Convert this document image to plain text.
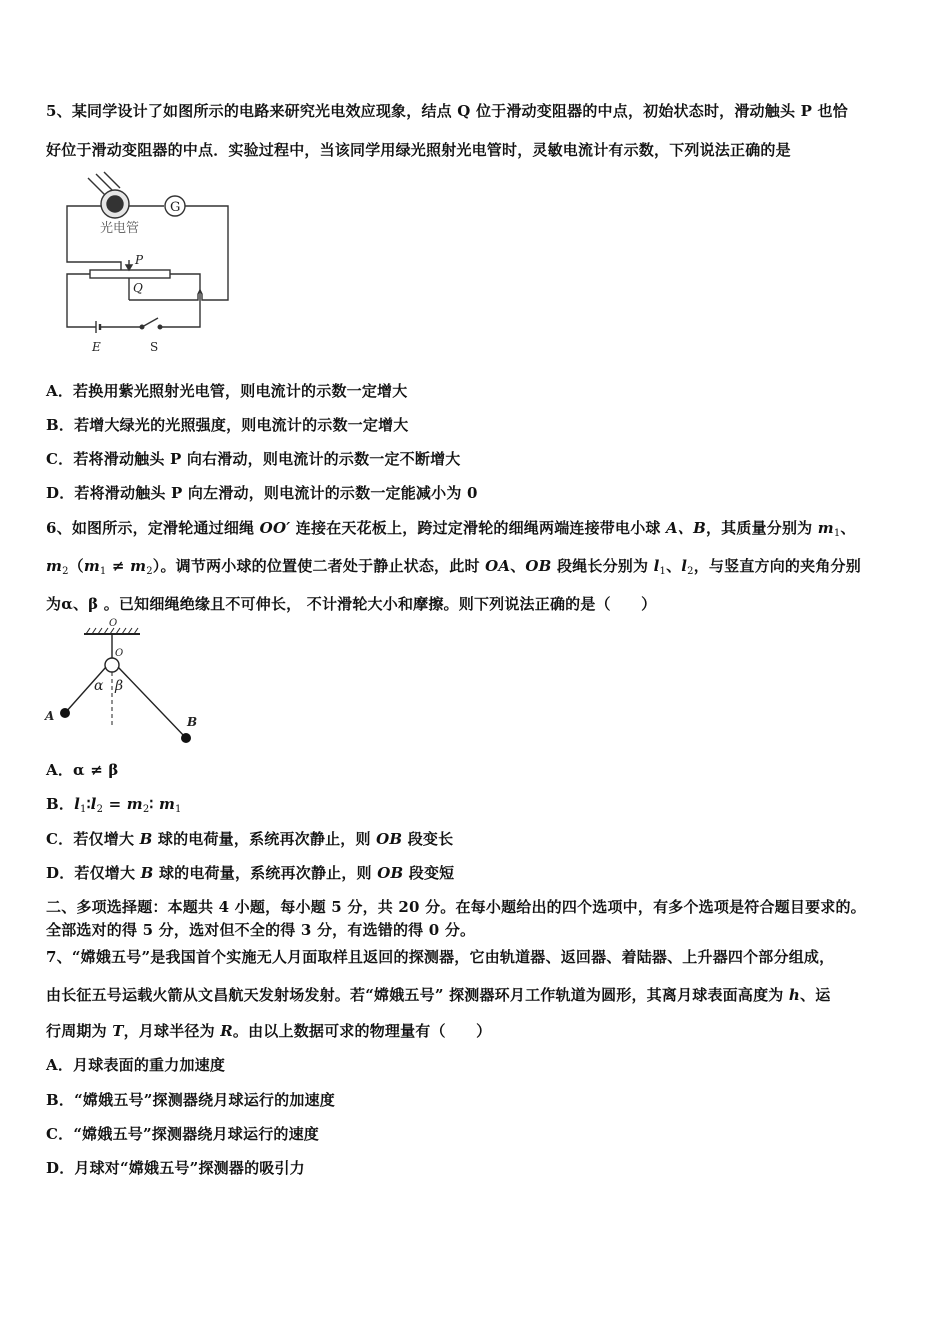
5、某同学设计了如图所示的电路来研究光电效应现象，结点 Q 位于滑动变阻器的中点，初始状态时，滑动触头 P 也恰
好位于滑动变阻器的中点．实验过程中，当该同学用绿光照射光电管时，灵敏电流计有示数，下列说法正确的是
G
光电管
P
Q
E	S
A．若换用紫光照射光电管，则电流计的示数一定增大
B．若增大绿光的光照强度，则电流计的示数一定增大
C．若将滑动触头 P 向右滑动，则电流计的示数一定不断增大
D．若将滑动触头 P 向左滑动，则电流计的示数一定能减小为 0
6、如图所示，定滑轮通过细绳 OO′ 连接在天花板上，跨过定滑轮的细绳两端连接带电小球 A、B，其质量分别为 $m_1$、
$m_2(m_1 \ne m_2)$。调节两小球的位置使二者处于静止状态，此时 OA、OB 段绳长分别为 $l_1$、$l_2$，与竖直方向的夹角分别
为α、β 。已知细绳绝缘且不可伸长， 不计滑轮大小和摩擦。则下列说法正确的是（　　）
O
O
α β
A	B
A．α ≠ β
B．$l_1∶l_2$ = $m_2∶$ $m_1$
C．若仅增大 B 球的电荷量，系统再次静止，则 OB 段变长
D．若仅增大 B 球的电荷量，系统再次静止，则 OB 段变短
二、多项选择题：本题共 4 小题，每小题 5 分，共 20 分。在每小题给出的四个选项中，有多个选项是符合题目要求的。
全部选对的得 5 分，选对但不全的得 3 分，有选错的得 0 分。
7、“嫦娥五号”是我国首个实施无人月面取样且返回的探测器，它由轨道器、返回器、着陆器、上升器四个部分组成，
由长征五号运载火箭从文昌航天发射场发射。若“嫦娥五号” 探测器环月工作轨道为圆形，其离月球表面高度为 h、运
行周期为 T，月球半径为 R。由以上数据可求的物理量有（　　）
A．月球表面的重力加速度
B．“嫦娥五号”探测器绕月球运行的加速度
C．“嫦娥五号”探测器绕月球运行的速度
D．月球对“嫦娥五号”探测器的吸引力
